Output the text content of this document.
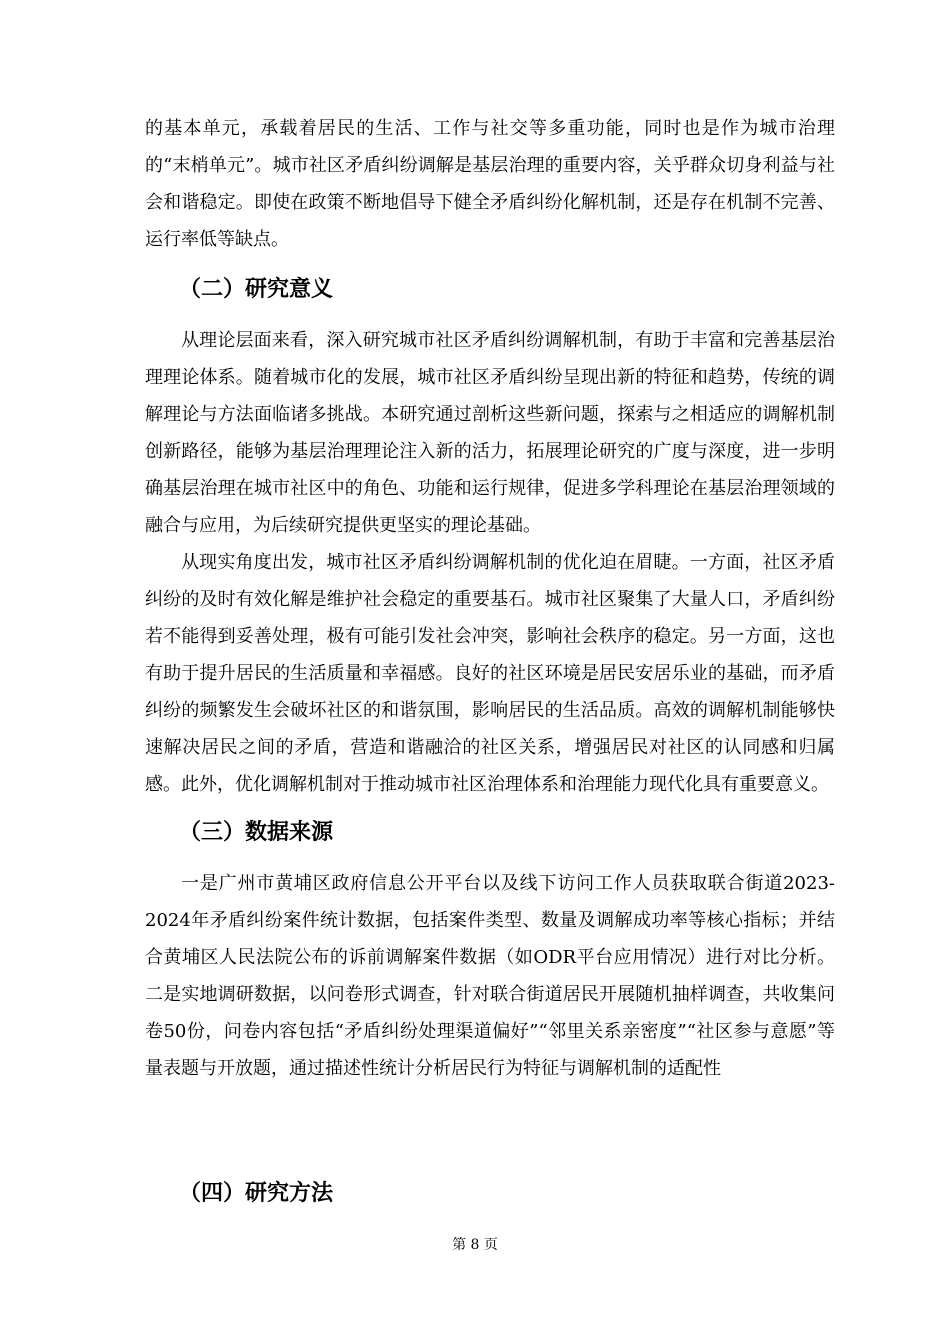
的基本单元，承载着居民的生活、工作与社交等多重功能，同时也是作为城市治理的“末梢单元”。城市社区矛盾纠纷调解是基层治理的重要内容，关乎群众切身利益与社会和谐稳定。即使在政策不断地倡导下健全矛盾纠纷化解机制，还是存在机制不完善、运行率低等缺点。

（二）研究意义

从理论层面来看，深入研究城市社区矛盾纠纷调解机制，有助于丰富和完善基层治理理论体系。随着城市化的发展，城市社区矛盾纠纷呈现出新的特征和趋势，传统的调解理论与方法面临诸多挑战。本研究通过剖析这些新问题，探索与之相适应的调解机制创新路径，能够为基层治理理论注入新的活力，拓展理论研究的广度与深度，进一步明确基层治理在城市社区中的角色、功能和运行规律，促进多学科理论在基层治理领域的融合与应用，为后续研究提供更坚实的理论基础。

从现实角度出发，城市社区矛盾纠纷调解机制的优化迫在眉睫。一方面，社区矛盾纠纷的及时有效化解是维护社会稳定的重要基石。城市社区聚集了大量人口，矛盾纠纷若不能得到妥善处理，极有可能引发社会冲突，影响社会秩序的稳定。另一方面，这也有助于提升居民的生活质量和幸福感。良好的社区环境是居民安居乐业的基础，而矛盾纠纷的频繁发生会破坏社区的和谐氛围，影响居民的生活品质。高效的调解机制能够快速解决居民之间的矛盾，营造和谐融洽的社区关系，增强居民对社区的认同感和归属感。此外，优化调解机制对于推动城市社区治理体系和治理能力现代化具有重要意义。

（三）数据来源

一是广州市黄埔区政府信息公开平台以及线下访问工作人员获取联合街道2023-2024年矛盾纠纷案件统计数据，包括案件类型、数量及调解成功率等核心指标；并结合黄埔区人民法院公布的诉前调解案件数据（如ODR平台应用情况）进行对比分析。二是实地调研数据，以问卷形式调查，针对联合街道居民开展随机抽样调查，共收集问卷50份，问卷内容包括“矛盾纠纷处理渠道偏好”“邻里关系亲密度”“社区参与意愿”等量表题与开放题，通过描述性统计分析居民行为特征与调解机制的适配性

（四）研究方法
第 8 页
